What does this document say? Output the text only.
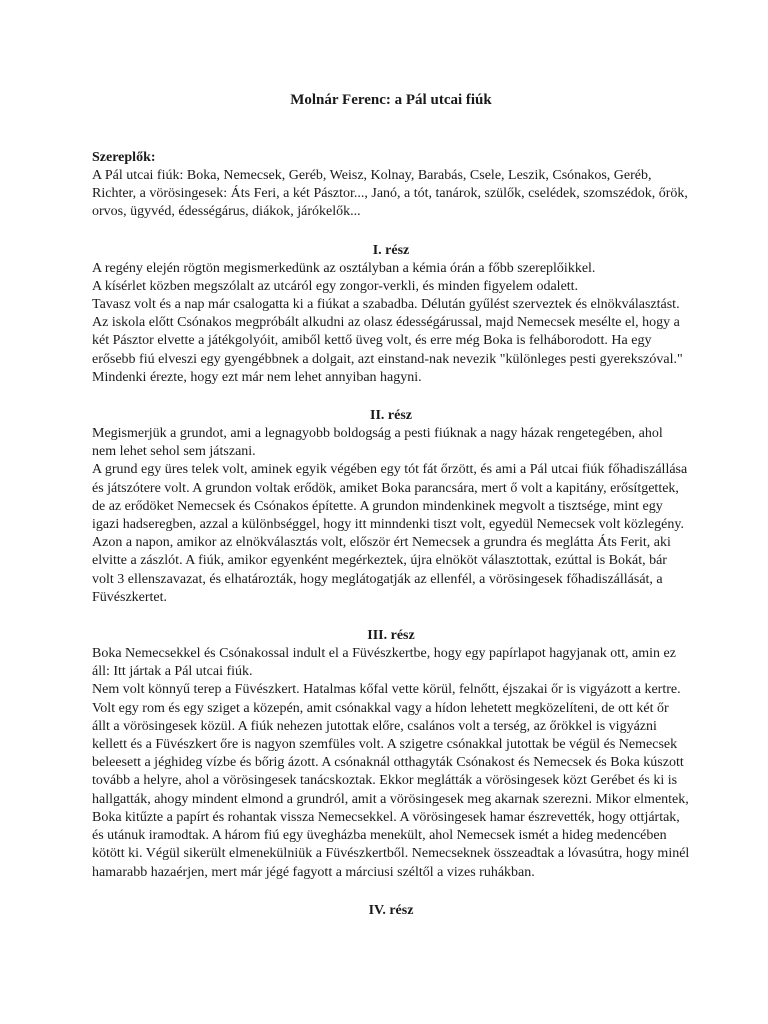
Molnár Ferenc: a Pál utcai fiúk
Szereplők:

A Pál utcai fiúk: Boka, Nemecsek, Geréb, Weisz, Kolnay, Barabás, Csele, Leszik, Csónakos, Geréb, Richter, a vörösingesek: Áts Feri, a két Pásztor..., Janó, a tót, tanárok, szülők, cselédek, szomszédok, őrök, orvos, ügyvéd, édességárus, diákok, járókelők...

I. rész

A regény elején rögtön megismerkedünk az osztályban a kémia órán a főbb szereplőikkel.

A kísérlet közben megszólalt az utcáról egy zongor-verkli, és minden figyelem odalett.

Tavasz volt és a nap már csalogatta ki a fiúkat a szabadba. Délután gyűlést szerveztek és elnökválasztást. Az iskola előtt Csónakos megpróbált alkudni az olasz édességárussal, majd Nemecsek mesélte el, hogy a két Pásztor elvette a játékgolyóit, amiből kettő üveg volt, és erre még Boka is felháborodott. Ha egy erősebb fiú elveszi egy gyengébbnek a dolgait, azt einstand-nak nevezik "különleges pesti gyerekszóval." Mindenki érezte, hogy ezt már nem lehet annyiban hagyni.

II. rész

Megismerjük a grundot, ami a legnagyobb boldogság a pesti fiúknak a nagy házak rengetegében, ahol nem lehet sehol sem játszani.

A grund egy üres telek volt, aminek egyik végében egy tót fát őrzött, és ami a Pál utcai fiúk főhadiszállása és játszótere volt. A grundon voltak erődök, amiket Boka parancsára, mert ő volt a kapitány, erősítgettek, de az erődöket Nemecsek és Csónakos építette. A grundon mindenkinek megvolt a tisztsége, mint egy igazi hadseregben, azzal a különbséggel, hogy itt minndenki tiszt volt, egyedül Nemecsek volt közlegény. Azon a napon, amikor az elnökválasztás volt, először ért Nemecsek a grundra és meglátta Áts Ferit, aki elvitte a zászlót. A fiúk, amikor egyenként megérkeztek, újra elnököt választottak, ezúttal is Bokát, bár volt 3 ellenszavazat, és elhatározták, hogy meglátogatják az ellenfél, a vörösingesek főhadiszállását, a Füvészkertet.

III. rész

Boka Nemecsekkel és Csónakossal indult el a Füvészkertbe, hogy egy papírlapot hagyjanak ott, amin ez áll: Itt jártak a Pál utcai fiúk.

Nem volt könnyű terep a Füvészkert. Hatalmas kőfal vette körül, felnőtt, éjszakai őr is vigyázott a kertre. Volt egy rom és egy sziget a közepén, amit csónakkal vagy a hídon lehetett megközelíteni, de ott két őr állt a vörösingesek közül. A fiúk nehezen jutottak előre, csalános volt a terség, az őrökkel is vigyázni kellett és a Füvészkert őre is nagyon szemfüles volt. A szigetre csónakkal jutottak be végül és Nemecsek beleesett a jéghideg vízbe és bőrig ázott. A csónaknál otthagyták Csónakost és Nemecsek és Boka kúszott tovább a helyre, ahol a vörösingesek tanácskoztak. Ekkor meglátták a vörösingesek közt Gerébet és ki is hallgatták, ahogy mindent elmond a grundról, amit a vörösingesek meg akarnak szerezni. Mikor elmentek, Boka kitűzte a papírt és rohantak vissza Nemecsekkel. A vörösingesek hamar észrevették, hogy ottjártak, és utánuk iramodtak. A három fiú egy üvegházba menekült, ahol Nemecsek ismét a hideg medencében kötött ki. Végül sikerült elmenekülniük a Füvészkertből. Nemecseknek összeadtak a lóvasútra, hogy minél hamarabb hazaérjen, mert már jégé fagyott a márciusi széltől a vizes ruhákban.

IV. rész
